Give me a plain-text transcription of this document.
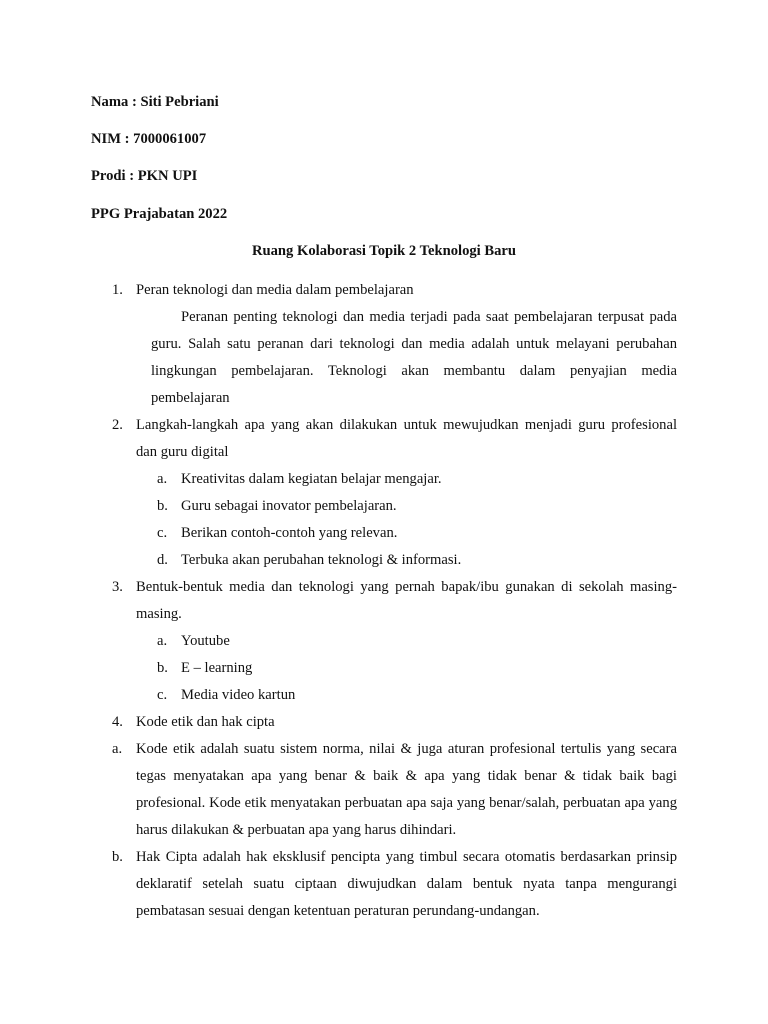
Nama : Siti Pebriani
NIM : 7000061007
Prodi : PKN UPI
PPG Prajabatan 2022
Ruang Kolaborasi Topik 2 Teknologi Baru
1. Peran teknologi dan media dalam pembelajaran
Peranan penting teknologi dan media terjadi pada saat pembelajaran terpusat pada guru. Salah satu peranan dari teknologi dan media adalah untuk melayani perubahan lingkungan pembelajaran. Teknologi akan membantu dalam penyajian media pembelajaran
2. Langkah-langkah apa yang akan dilakukan untuk mewujudkan menjadi guru profesional dan guru digital
a. Kreativitas dalam kegiatan belajar mengajar.
b. Guru sebagai inovator pembelajaran.
c. Berikan contoh-contoh yang relevan.
d. Terbuka akan perubahan teknologi & informasi.
3. Bentuk-bentuk media dan teknologi yang pernah bapak/ibu gunakan di sekolah masing-masing.
a. Youtube
b. E – learning
c. Media video kartun
4. Kode etik dan hak cipta
a. Kode etik adalah suatu sistem norma, nilai & juga aturan profesional tertulis yang secara tegas menyatakan apa yang benar & baik & apa yang tidak benar & tidak baik bagi profesional. Kode etik menyatakan perbuatan apa saja yang benar/salah, perbuatan apa yang harus dilakukan & perbuatan apa yang harus dihindari.
b. Hak Cipta adalah hak eksklusif pencipta yang timbul secara otomatis berdasarkan prinsip deklaratif setelah suatu ciptaan diwujudkan dalam bentuk nyata tanpa mengurangi pembatasan sesuai dengan ketentuan peraturan perundang-undangan.
